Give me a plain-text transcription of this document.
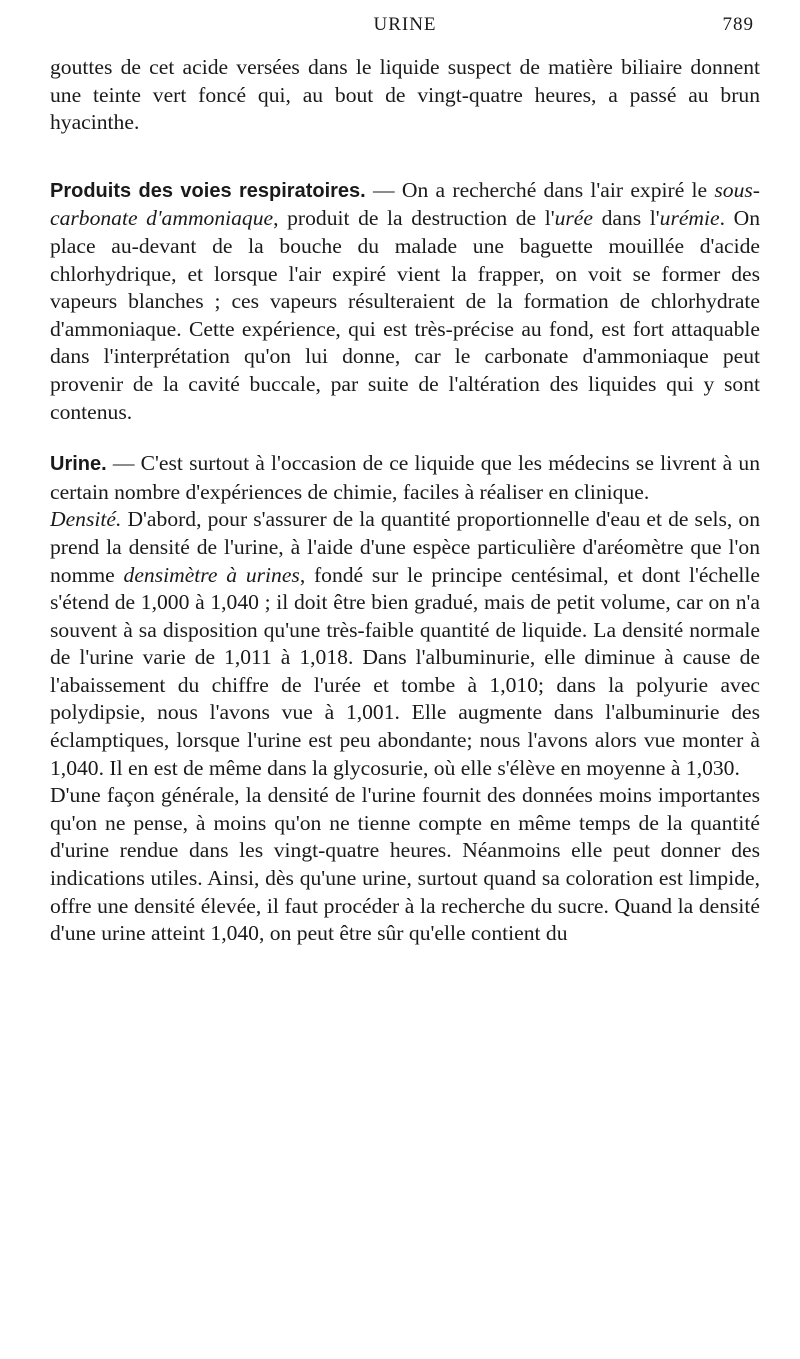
URINE	789

gouttes de cet acide versées dans le liquide suspect de matière biliaire donnent une teinte vert foncé qui, au bout de vingt-quatre heures, a passé au brun hyacinthe.

Produits des voies respiratoires. — On a recherché dans l'air expiré le sous-carbonate d'ammoniaque, produit de la destruction de l'urée dans l'urémie. On place au-devant de la bouche du malade une baguette mouillée d'acide chlorhydrique, et lorsque l'air expiré vient la frapper, on voit se former des vapeurs blanches ; ces vapeurs résulteraient de la formation de chlorhydrate d'ammoniaque. Cette expérience, qui est très-précise au fond, est fort attaquable dans l'interprétation qu'on lui donne, car le carbonate d'ammoniaque peut provenir de la cavité buccale, par suite de l'altération des liquides qui y sont contenus.

Urine. — C'est surtout à l'occasion de ce liquide que les médecins se livrent à un certain nombre d'expériences de chimie, faciles à réaliser en clinique.

Densité. D'abord, pour s'assurer de la quantité proportionnelle d'eau et de sels, on prend la densité de l'urine, à l'aide d'une espèce particulière d'aréomètre que l'on nomme densimètre à urines, fondé sur le principe centésimal, et dont l'échelle s'étend de 1,000 à 1,040 ; il doit être bien gradué, mais de petit volume, car on n'a souvent à sa disposition qu'une très-faible quantité de liquide. La densité normale de l'urine varie de 1,011 à 1,018. Dans l'albuminurie, elle diminue à cause de l'abaissement du chiffre de l'urée et tombe à 1,010; dans la polyurie avec polydipsie, nous l'avons vue à 1,001. Elle augmente dans l'albuminurie des éclamptiques, lorsque l'urine est peu abondante; nous l'avons alors vue monter à 1,040. Il en est de même dans la glycosurie, où elle s'élève en moyenne à 1,030.

D'une façon générale, la densité de l'urine fournit des données moins importantes qu'on ne pense, à moins qu'on ne tienne compte en même temps de la quantité d'urine rendue dans les vingt-quatre heures. Néanmoins elle peut donner des indications utiles. Ainsi, dès qu'une urine, surtout quand sa coloration est limpide, offre une densité élevée, il faut procéder à la recherche du sucre. Quand la densité d'une urine atteint 1,040, on peut être sûr qu'elle contient du
